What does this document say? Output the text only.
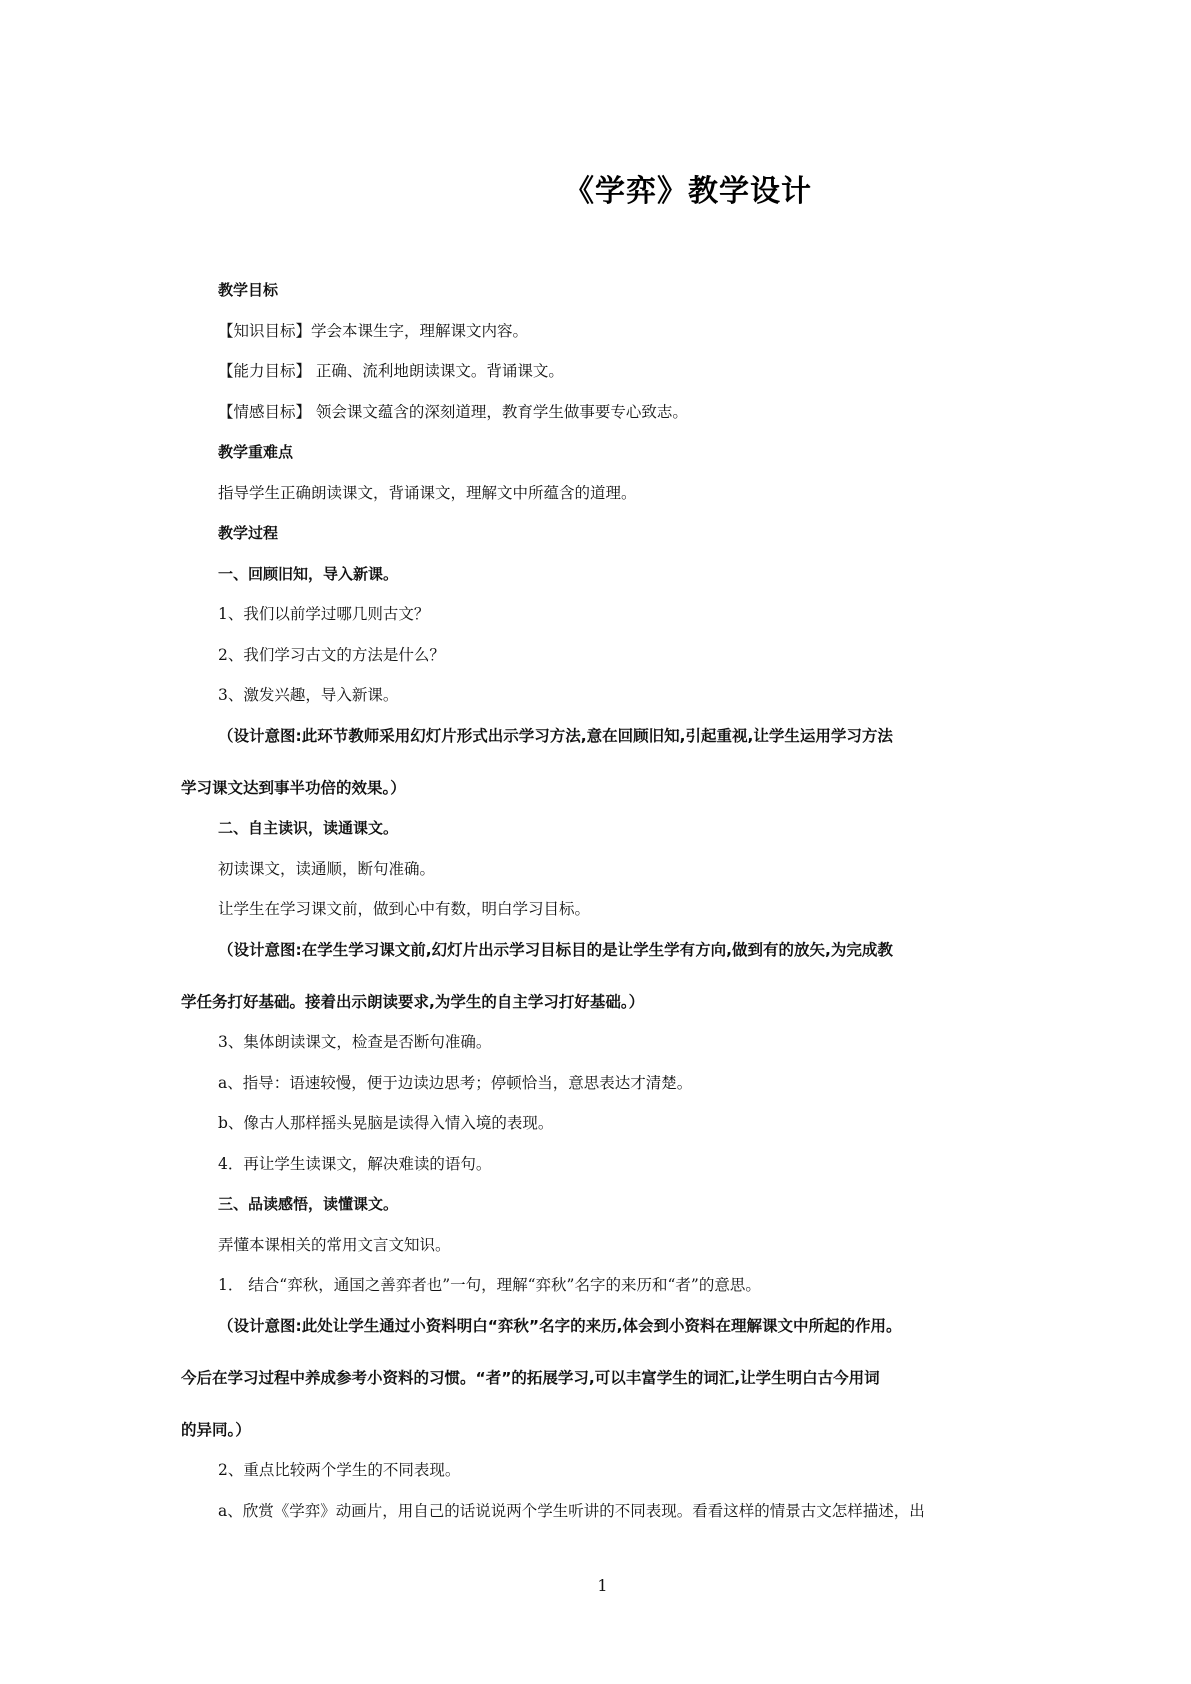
《学弈》教学设计
教学目标
【知识目标】学会本课生字，理解课文内容。
【能力目标】 正确、流利地朗读课文。背诵课文。
【情感目标】 领会课文蕴含的深刻道理，教育学生做事要专心致志。
教学重难点
指导学生正确朗读课文，背诵课文，理解文中所蕴含的道理。
教学过程
一、回顾旧知，导入新课。
1、我们以前学过哪几则古文？
2、我们学习古文的方法是什么？
3、激发兴趣，导入新课。
（设计意图:此环节教师采用幻灯片形式出示学习方法,意在回顾旧知,引起重视,让学生运用学习方法
学习课文达到事半功倍的效果。）
二、自主读识，读通课文。
初读课文，读通顺，断句准确。
让学生在学习课文前，做到心中有数，明白学习目标。
（设计意图:在学生学习课文前,幻灯片出示学习目标目的是让学生学有方向,做到有的放矢,为完成教
学任务打好基础。接着出示朗读要求,为学生的自主学习打好基础。）
3、集体朗读课文，检查是否断句准确。
a、指导：语速较慢，便于边读边思考；停顿恰当，意思表达才清楚。
b、像古人那样摇头晃脑是读得入情入境的表现。
4．再让学生读课文，解决难读的语句。
三、品读感悟，读懂课文。
弄懂本课相关的常用文言文知识。
1． 结合“弈秋，通国之善弈者也”一句，理解“弈秋”名字的来历和“者”的意思。
（设计意图:此处让学生通过小资料明白“弈秋”名字的来历,体会到小资料在理解课文中所起的作用。
今后在学习过程中养成参考小资料的习惯。“者”的拓展学习,可以丰富学生的词汇,让学生明白古今用词
的异同。）
2、重点比较两个学生的不同表现。
a、欣赏《学弈》动画片，用自己的话说说两个学生听讲的不同表现。看看这样的情景古文怎样描述，出
1
